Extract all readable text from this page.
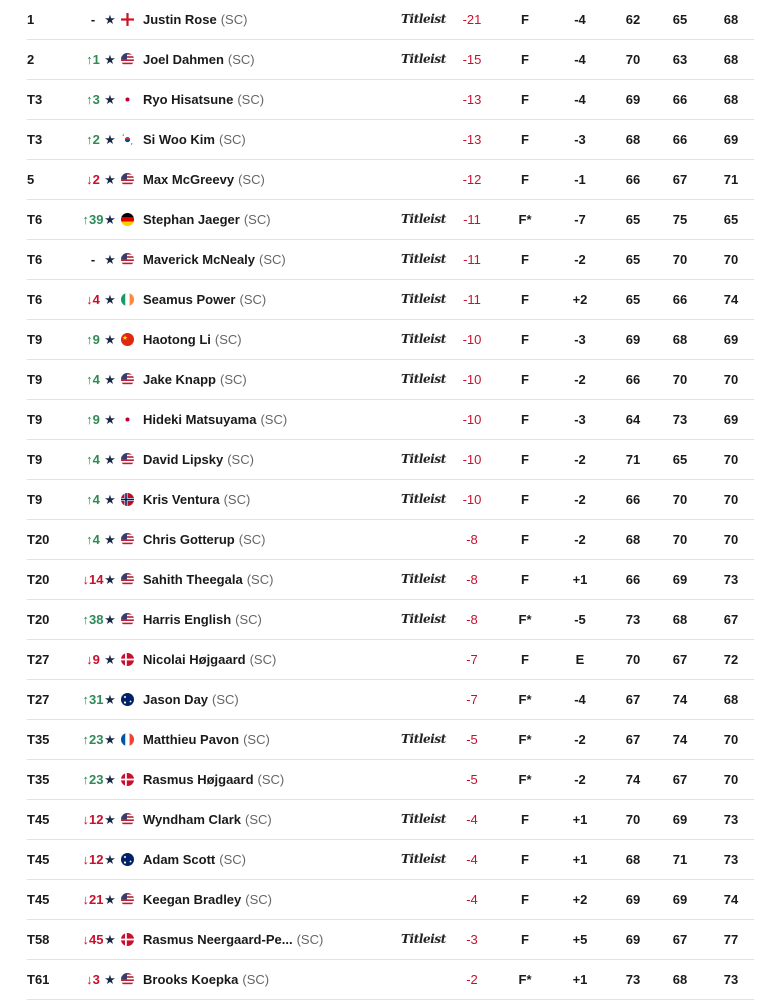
1	- ★ Justin Rose (SC)	Titleist	-21	F	-4	62	65	68
2	↑1 ★ Joel Dahmen (SC)	Titleist	-15	F	-4	70	63	68
T3	↑3 ★ Ryo Hisatsune (SC)	-13	F	-4	69	66	68
T3	↑2 ★ Si Woo Kim (SC)	-13	F	-3	68	66	69
5	↓2 ★ Max McGreevy (SC)	-12	F	-1	66	67	71
T6	↑39 ★ Stephan Jaeger (SC)	Titleist	-11	F*	-7	65	75	65
T6	- ★ Maverick McNealy (SC)	Titleist	-11	F	-2	65	70	70
T6	↓4 ★ Seamus Power (SC)	Titleist	-11	F	+2	65	66	74
T9	↑9 ★ Haotong Li (SC)	Titleist	-10	F	-3	69	68	69
T9	↑4 ★ Jake Knapp (SC)	Titleist	-10	F	-2	66	70	70
T9	↑9 ★ Hideki Matsuyama (SC)	-10	F	-3	64	73	69
T9	↑4 ★ David Lipsky (SC)	Titleist	-10	F	-2	71	65	70
T9	↑4 ★ Kris Ventura (SC)	Titleist	-10	F	-2	66	70	70
T20	↑4 ★ Chris Gotterup (SC)	-8	F	-2	68	70	70
T20	↓14 ★ Sahith Theegala (SC)	Titleist	-8	F	+1	66	69	73
T20	↑38 ★ Harris English (SC)	Titleist	-8	F*	-5	73	68	67
T27	↓9 ★ Nicolai Højgaard (SC)	-7	F	E	70	67	72
T27	↑31 ★ Jason Day (SC)	-7	F*	-4	67	74	68
T35	↑23 ★ Matthieu Pavon (SC)	Titleist	-5	F*	-2	67	74	70
T35	↑23 ★ Rasmus Højgaard (SC)	-5	F*	-2	74	67	70
T45	↓12 ★ Wyndham Clark (SC)	Titleist	-4	F	+1	70	69	73
T45	↓12 ★ Adam Scott (SC)	Titleist	-4	F	+1	68	71	73
T45	↓21 ★ Keegan Bradley (SC)	-4	F	+2	69	69	74
T58	↓45 ★ Rasmus Neergaard-Pe... (SC)	Titleist	-3	F	+5	69	67	77
T61	↓3 ★ Brooks Koepka (SC)	-2	F*	+1	73	68	73
